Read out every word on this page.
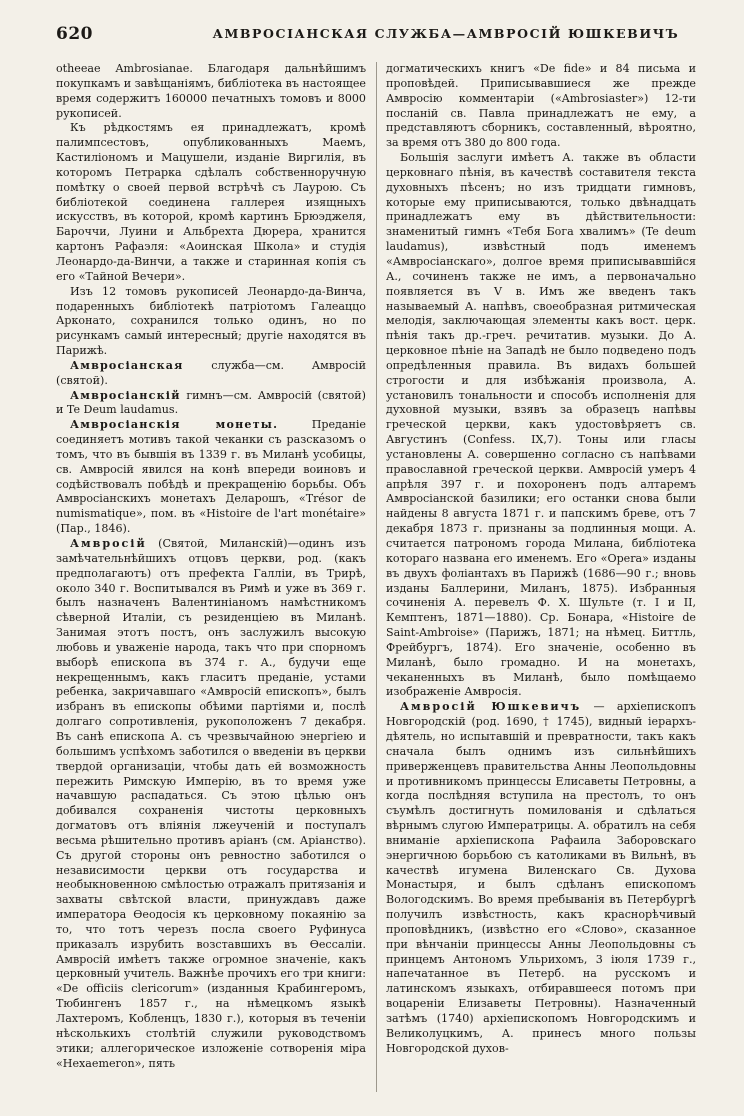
620	АМВРОСІАНСКАЯ СЛУЖБА—АМВРОСІЙ ЮШКЕВИЧЪ

otheeae Ambrosianae. Благодаря дальнѣйшимъ покупкамъ и завѣщаніямъ, библіотека въ настоящее время содержитъ 160000 печатныхъ томовъ и 8000 рукописей.

Къ рѣдкостямъ ея принадлежатъ, кромѣ палимпсестовъ, опубликованныхъ Маемъ, Кастиліономъ и Мацушели, изданіе Виргилія, въ которомъ Петрарка сдѣлалъ собственноручную помѣтку о своей первой встрѣчѣ съ Лаурою. Съ библіотекой соединена галлерея изящныхъ искусствъ, въ которой, кромѣ картинъ Брюэджеля, Бароччи, Луини и Альбрехта Дюрера, хранится картонъ Рафаэля: «Аоинская Школа» и студія Леонардо-да-Винчи, а также и старинная копія съ его «Тайной Вечери».

Изъ 12 томовъ рукописей Леонардо-да-Винча, подаренныхъ библіотекѣ патріотомъ Галеаццо Арконато, сохранился только одинъ, но по рисункамъ самый интересный; другіе находятся въ Парижѣ.

Амвросіанская служба—см. Амвросій (святой).

Амвросіанскій гимнъ—см. Амвросій (святой) и Te Deum laudamus.

Амвросіанскія монеты. Преданіе соединяетъ мотивъ такой чеканки съ разсказомъ о томъ, что въ бывшія въ 1339 г. въ Миланѣ усобицы, св. Амвросій явился на конѣ впереди воиновъ и содѣйствовалъ побѣдѣ и прекращенію борьбы. Объ Амвросіанскихъ монетахъ Деларошъ, «Trésor de numismatique», пом. въ «Histoire de l'art monétaire» (Пар., 1846).

Амвросій (Святой, Миланскій)—одинъ изъ замѣчательнѣйшихъ отцовъ церкви, род. (какъ предполагаютъ) отъ префекта Галліи, въ Трирѣ, около 340 г. Воспитывался въ Римѣ и уже въ 369 г. былъ назначенъ Валентиніаномъ намѣстникомъ сѣверной Италіи, съ резиденціею въ Миланѣ. Занимая этотъ постъ, онъ заслужилъ высокую любовь и уваженіе народа, такъ что при спорномъ выборѣ епископа въ 374 г. А., будучи еще некрещеннымъ, какъ гласитъ преданіе, устами ребенка, закричавшаго «Амвросій епископъ», былъ избранъ въ епископы обѣими партіями и, послѣ долгаго сопротивленія, рукоположенъ 7 декабря. Въ санѣ епископа А. съ чрезвычайною энергіею и большимъ успѣхомъ заботился о введеніи въ церкви твердой организаціи, чтобы дать ей возможность пережить Римскую Имперію, въ то время уже начавшую распадаться. Съ этою цѣлью онъ добивался сохраненія чистоты церковныхъ догматовъ отъ вліянія лжеученій и поступалъ весьма рѣшительно противъ аріанъ (см. Аріанство). Съ другой стороны онъ ревностно заботился о независимости церкви отъ государства и необыкновенною смѣлостью отражалъ притязанія и захваты свѣтской власти, принуждавъ даже императора Ѳеодосія къ церковному покаянію за то, что тотъ черезъ посла своего Руфинуса приказалъ изрубить возставшихъ въ Ѳессаліи. Амвросій имѣетъ также огромное значеніе, какъ церковный учитель. Важнѣе прочихъ его три книги: «De officiis clericorum» (изданныя Крабингеромъ, Тюбингенъ 1857 г., на нѣмецкомъ языкѣ Лахтеромъ, Кобленцъ, 1830 г.), которыя въ теченіи нѣсколькихъ столѣтій служили руководствомъ этики; аллегорическое изложеніе сотворенія міра «Hexaemeron», пять

догматическихъ книгъ «De fide» и 84 письма и проповѣдей. Приписывавшиеся же прежде Амвросію комментаріи («Ambrosiaster») 12-ти посланій св. Павла принадлежатъ не ему, а представляютъ сборникъ, составленный, вѣроятно, за время отъ 380 до 800 года.

Большія заслуги имѣетъ А. также въ области церковнаго пѣнія, въ качествѣ составителя текста духовныхъ пѣсенъ; но изъ тридцати гимновъ, которые ему приписываются, только двѣнадцать принадлежатъ ему въ дѣйствительности: знаменитый гимнъ «Тебя Бога хвалимъ» (Te deum laudamus), извѣстный подъ именемъ «Амвросіанскаго», долгое время приписывавшійся А., сочиненъ также не имъ, а первоначально появляется въ V в. Имъ же введенъ такъ называемый А. напѣвъ, своеобразная ритмическая мелодія, заключающая элементы какъ вост. церк. пѣнія такъ др.-греч. речитатив. музыки. До А. церковное пѣніе на Западѣ не было подведено подъ опредѣленныя правила. Въ видахъ большей строгости и для избѣжанія произвола, А. установилъ тональности и способъ исполненія для духовной музыки, взявъ за образецъ напѣвы греческой церкви, какъ удостовѣряетъ св. Августинъ (Confess. IX,7). Тоны или гласы установлены А. совершенно согласно съ напѣвами православной греческой церкви. Амвросій умеръ 4 апрѣля 397 г. и похороненъ подъ алтаремъ Амвросіанской базилики; его останки снова были найдены 8 августа 1871 г. и папскимъ бреве, отъ 7 декабря 1873 г. признаны за подлинныя мощи. А. считается патрономъ города Милана, библіотека котораго названа его именемъ. Его «Opera» изданы въ двухъ фоліантахъ въ Парижѣ (1686—90 г.; вновь изданы Баллерини, Миланъ, 1875). Избранныя сочиненія А. перевелъ Ф. Х. Шульте (т. I и II, Кемптенъ, 1871—1880). Ср. Бонара, «Histoire de Saint-Ambroise» (Парижъ, 1871; на нѣмец. Биттль, Фрейбургъ, 1874). Его значеніе, особенно въ Миланѣ, было громадно. И на монетахъ, чеканенныхъ въ Миланѣ, было помѣщаемо изображеніе Амвросія.

Амвросій Юшкевичъ — архіепископъ Новгородскій (род. 1690, † 1745), видный іерархъ-дѣятель, но испытавшій и превратности, такъ какъ сначала былъ однимъ изъ сильнѣйшихъ приверженцевъ правительства Анны Леопольдовны и противникомъ принцессы Елисаветы Петровны, а когда послѣдняя вступила на престолъ, то онъ съумѣлъ достигнуть помилованія и сдѣлаться вѣрнымъ слугою Императрицы. А. обратилъ на себя вниманіе архіепископа Рафаила Заборовскаго энергичною борьбою съ католиками въ Вильнѣ, въ качествѣ игумена Виленскаго Св. Духова Монастыря, и былъ сдѣланъ епископомъ Вологодскимъ. Во время пребыванія въ Петербургѣ получилъ извѣстность, какъ краснорѣчивый проповѣдникъ, (извѣстно его «Слово», сказанное при вѣнчаніи принцессы Анны Леопольдовны съ принцемъ Антономъ Ульрихомъ, 3 іюля 1739 г., напечатанное въ Петерб. на русскомъ и латинскомъ языкахъ, отбиравшееся потомъ при воцареніи Елизаветы Петровны). Назначенный затѣмъ (1740) архіепископомъ Новгородскимъ и Великолуцкимъ, А. принесъ много пользы Новгородской духов-
